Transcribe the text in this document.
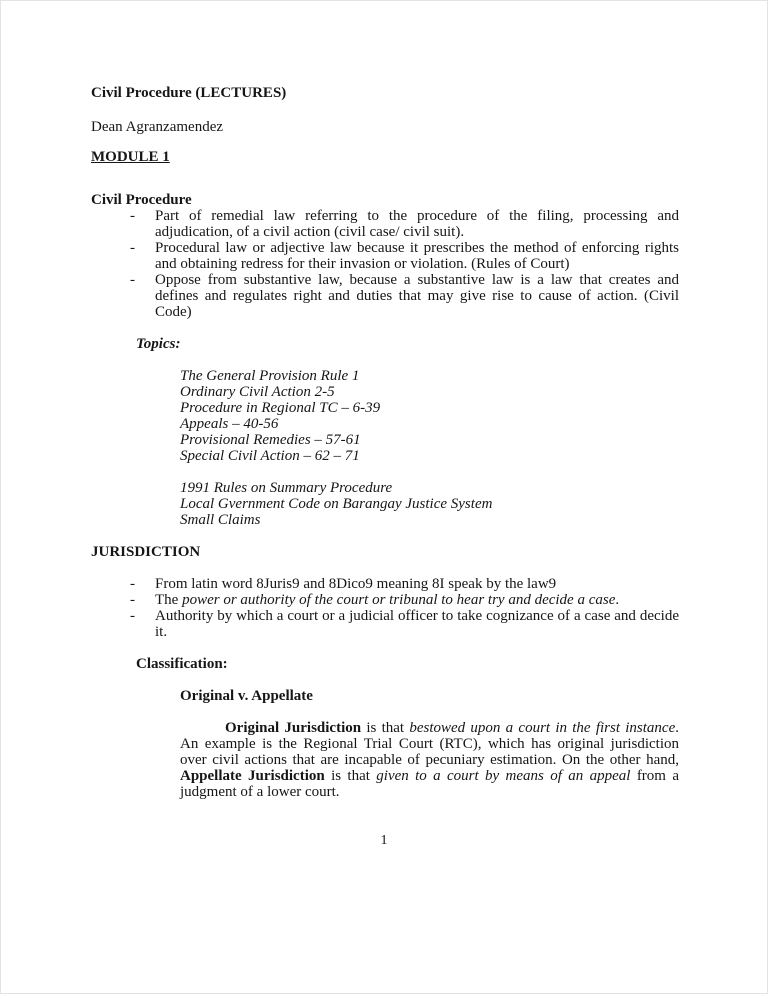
Civil Procedure (LECTURES)

Dean Agranzamendez

MODULE 1

Civil Procedure

- Part of remedial law referring to the procedure of the filing, processing and adjudication, of a civil action (civil case/ civil suit).
- Procedural law or adjective law because it prescribes the method of enforcing rights and obtaining redress for their invasion or violation. (Rules of Court)
- Oppose from substantive law, because a substantive law is a law that creates and defines and regulates right and duties that may give rise to cause of action. (Civil Code)

Topics:

The General Provision Rule 1

Ordinary Civil Action 2-5

Procedure in Regional TC – 6-39

Appeals – 40-56

Provisional Remedies – 57-61

Special Civil Action – 62 – 71

1991 Rules on Summary Procedure

Local Gvernment Code on Barangay Justice System

Small Claims

JURISDICTION

- From latin word 8Juris9 and 8Dico9 meaning 8I speak by the law9
- The power or authority of the court or tribunal to hear try and decide a case.
- Authority by which a court or a judicial officer to take cognizance of a case and decide it.

Classification:

Original v. Appellate

Original Jurisdiction is that bestowed upon a court in the first instance. An example is the Regional Trial Court (RTC), which has original jurisdiction over civil actions that are incapable of pecuniary estimation. On the other hand, Appellate Jurisdiction is that given to a court by means of an appeal from a judgment of a lower court.

1
